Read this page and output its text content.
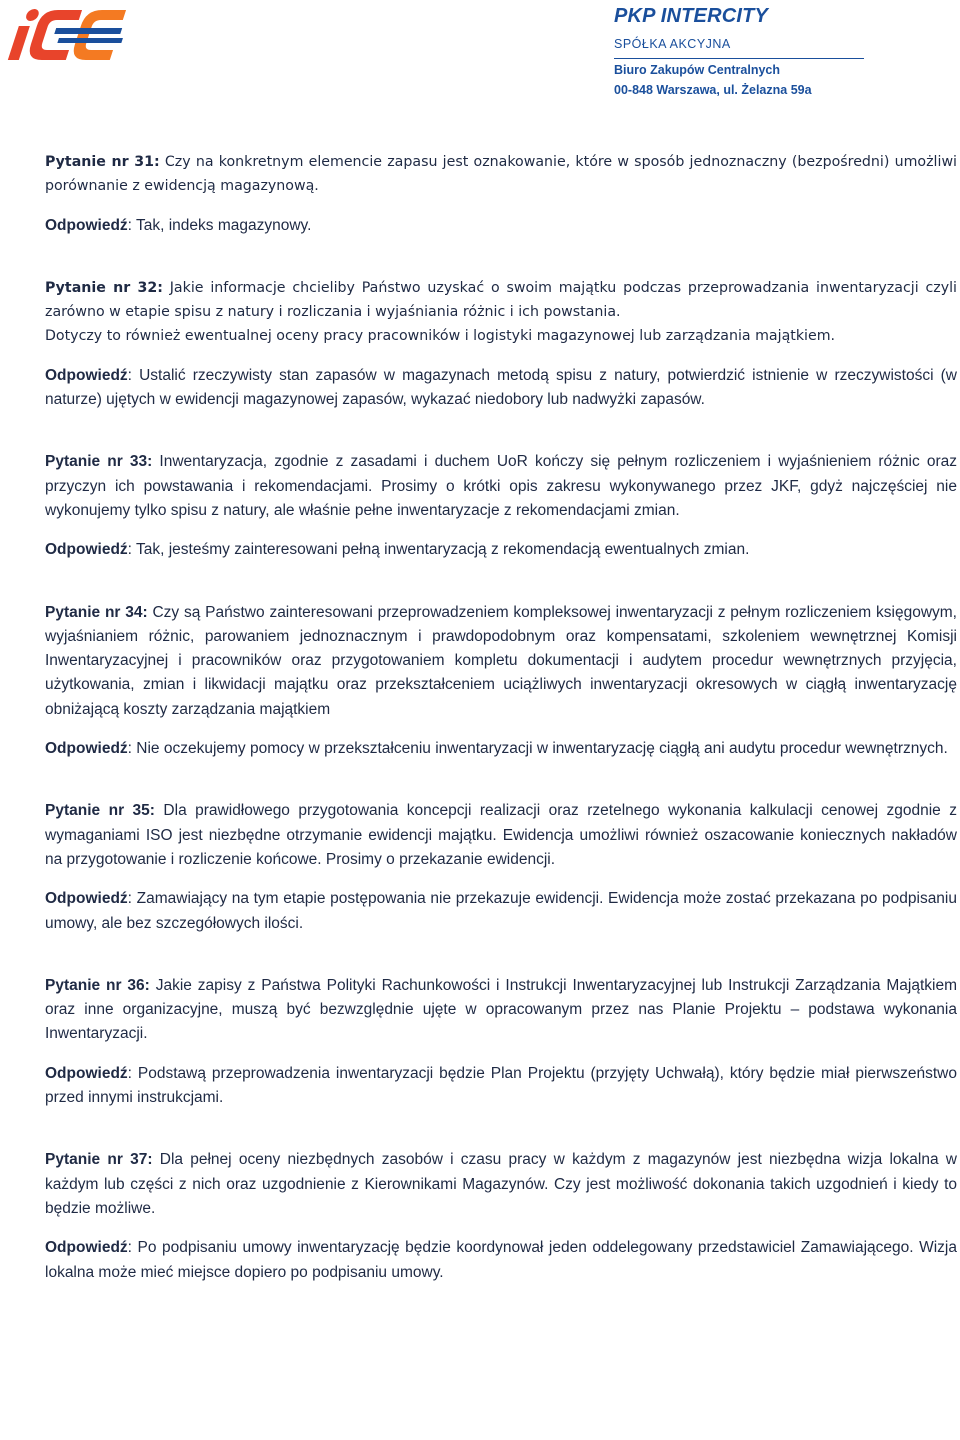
PKP INTERCITY
SPÓŁKA AKCYJNA
Biuro Zakupów Centralnych
00-848 Warszawa, ul. Żelazna 59a

Pytanie nr 31: Czy na konkretnym elemencie zapasu jest oznakowanie, które w sposób jednoznaczny (bezpośredni) umożliwi porównanie z ewidencją magazynową.

Odpowiedź: Tak, indeks magazynowy.

Pytanie nr 32: Jakie informacje chcieliby Państwo uzyskać o swoim majątku podczas przeprowadzania inwentaryzacji czyli zarówno w etapie spisu z natury i rozliczania i wyjaśniania różnic i ich powstania.

Dotyczy to również ewentualnej oceny pracy pracowników i logistyki magazynowej lub zarządzania majątkiem.

Odpowiedź: Ustalić rzeczywisty stan zapasów w magazynach metodą spisu z natury, potwierdzić istnienie w rzeczywistości (w naturze) ujętych w ewidencji magazynowej zapasów, wykazać niedobory lub nadwyżki zapasów.

Pytanie nr 33: Inwentaryzacja, zgodnie z zasadami i duchem UoR kończy się pełnym rozliczeniem i wyjaśnieniem różnic oraz przyczyn ich powstawania i rekomendacjami. Prosimy o krótki opis zakresu wykonywanego przez JKF, gdyż najczęściej nie wykonujemy tylko spisu z natury, ale właśnie pełne inwentaryzacje z rekomendacjami zmian.

Odpowiedź: Tak, jesteśmy zainteresowani pełną inwentaryzacją z rekomendacją ewentualnych zmian.

Pytanie nr 34: Czy są Państwo zainteresowani przeprowadzeniem kompleksowej inwentaryzacji z pełnym rozliczeniem księgowym, wyjaśnianiem różnic, parowaniem jednoznacznym i prawdopodobnym oraz kompensatami, szkoleniem wewnętrznej Komisji Inwentaryzacyjnej i pracowników oraz przygotowaniem kompletu dokumentacji i audytem procedur wewnętrznych przyjęcia, użytkowania, zmian i likwidacji majątku oraz przekształceniem uciążliwych inwentaryzacji okresowych w ciągłą inwentaryzację obniżającą koszty zarządzania majątkiem

Odpowiedź: Nie oczekujemy pomocy w przekształceniu inwentaryzacji w inwentaryzację ciągłą ani audytu procedur wewnętrznych.

Pytanie nr 35: Dla prawidłowego przygotowania koncepcji realizacji oraz rzetelnego wykonania kalkulacji cenowej zgodnie z wymaganiami ISO jest niezbędne otrzymanie ewidencji majątku. Ewidencja umożliwi również oszacowanie koniecznych nakładów na przygotowanie i rozliczenie końcowe. Prosimy o przekazanie ewidencji.

Odpowiedź: Zamawiający na tym etapie postępowania nie przekazuje ewidencji. Ewidencja może zostać przekazana po podpisaniu umowy, ale bez szczegółowych ilości.

Pytanie nr 36: Jakie zapisy z Państwa Polityki Rachunkowości i Instrukcji Inwentaryzacyjnej lub Instrukcji Zarządzania Majątkiem oraz inne organizacyjne, muszą być bezwzględnie ujęte w opracowanym przez nas Planie Projektu – podstawa wykonania Inwentaryzacji.

Odpowiedź: Podstawą przeprowadzenia inwentaryzacji będzie Plan Projektu (przyjęty Uchwałą), który będzie miał pierwszeństwo przed innymi instrukcjami.

Pytanie nr 37: Dla pełnej oceny niezbędnych zasobów i czasu pracy w każdym z magazynów jest niezbędna wizja lokalna w każdym lub części z nich oraz uzgodnienie z Kierownikami Magazynów. Czy jest możliwość dokonania takich uzgodnień i kiedy to będzie możliwe.

Odpowiedź: Po podpisaniu umowy inwentaryzację będzie koordynował jeden oddelegowany przedstawiciel Zamawiającego. Wizja lokalna może mieć miejsce dopiero po podpisaniu umowy.
